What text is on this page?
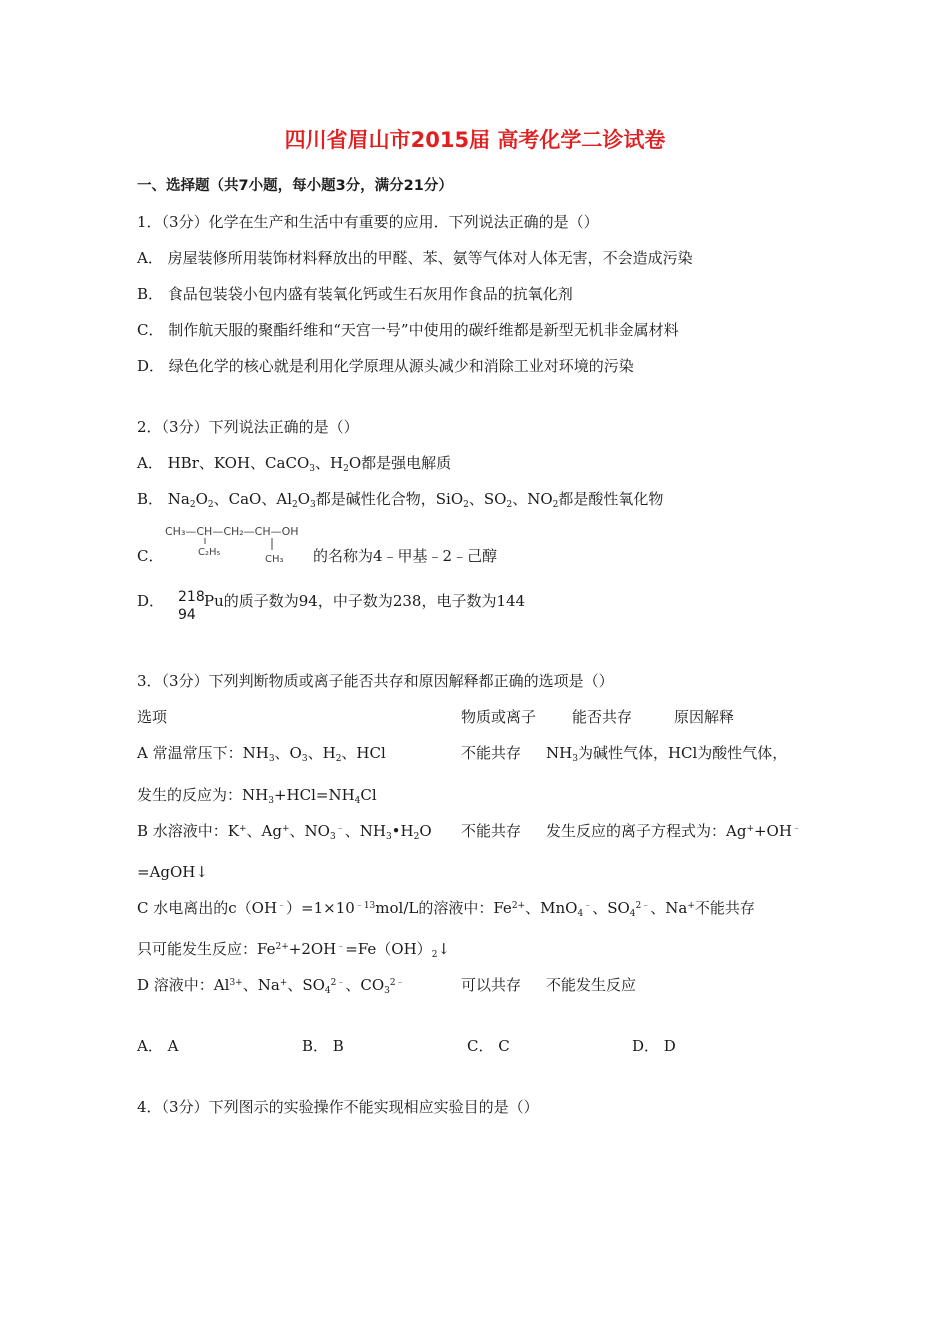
四川省眉山市2015届 高考化学二诊试卷
一、选择题（共7小题，每小题3分，满分21分）
1．（3分）化学在生产和生活中有重要的应用．下列说法正确的是（）
A． 房屋装修所用装饰材料释放出的甲醛、苯、氨等气体对人体无害，不会造成污染
B． 食品包装袋小包内盛有装氧化钙或生石灰用作食品的抗氧化剂
C． 制作航天服的聚酯纤维和“天宫一号”中使用的碳纤维都是新型无机非金属材料
D． 绿色化学的核心就是利用化学原理从源头减少和消除工业对环境的污染
2．（3分）下列说法正确的是（）
A． HBr、KOH、CaCO$_3$、$H_2O$都是强电解质
B． $Na_2O_2$、CaO、$Al_2O_3$都是碱性化合物，SiO$_2$、$SO_2$、$NO_2$都是酸性氧化物
C．
CH₃—CH—CH₂—CH—OH
C₂H₅
CH₃ 的名称为4﹣甲基﹣2﹣己醇
D． 218
94
Pu的质子数为94，中子数为238，电子数为144
3．（3分）下列判断物质或离子能否共存和原因解释都正确的选项是（）
选项	物质或离子 能否共存	原因解释
A 常温常压下：$NH_3$、$O_3$、$H_2$、HCl	不能共存 $NH_3$为碱性气体，HCl为酸性气体，
发生的反应为：$NH_3+HCl=NH_4Cl$
B 水溶液中：K+、Ag+、$NO_3^﹣$、$NH_3•H_2O$ 不能共存 发生反应的离子方程式为：Ag++OH﹣
=AgOH↓
C 水电离出的$c(OH^﹣)=1\times 10^{﹣13}mol/L$的溶液中：$Fe^{2+}$、MnO$_4$﹣、$SO_4^{2﹣}$、Na+不能共存
只可能发生反应：$Fe^{2+}+2OH^﹣=Fe(OH)_2↓$
D 溶液中：$Al^{3+}$、Na+、$SO_4^{2﹣}$、$CO_3^{2﹣}$	可以共存 不能发生反应
A． A	B． B	C． C	D． D
4．（3分）下列图示的实验操作不能实现相应实验目的是（）
